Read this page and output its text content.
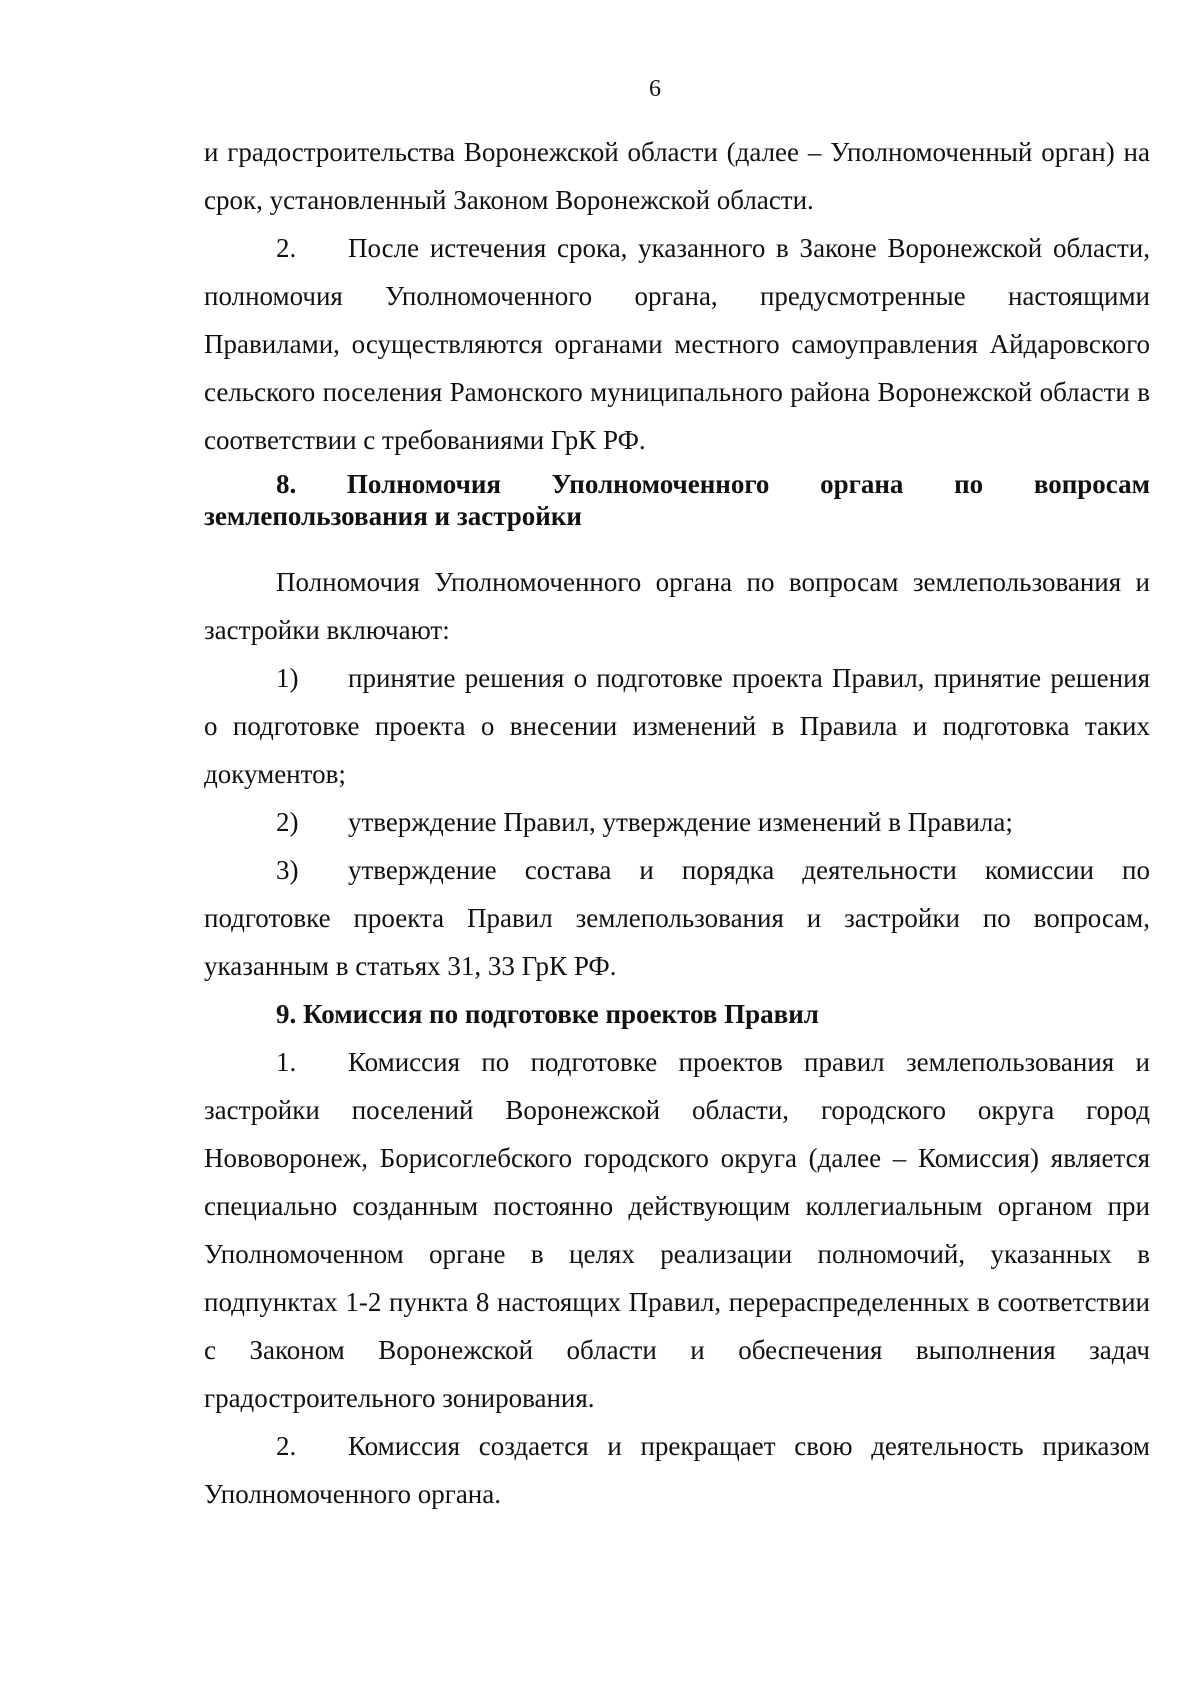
6

и градостроительства Воронежской области (далее – Уполномоченный орган) на срок, установленный Законом Воронежской области.

2. После истечения срока, указанного в Законе Воронежской области, полномочия Уполномоченного органа, предусмотренные настоящими Правилами, осуществляются органами местного самоуправления Айдаровского сельского поселения Рамонского муниципального района Воронежской области в соответствии с требованиями ГрК РФ.

8. Полномочия Уполномоченного органа по вопросам землепользования и застройки

Полномочия Уполномоченного органа по вопросам землепользования и застройки включают:

1) принятие решения о подготовке проекта Правил, принятие решения о подготовке проекта о внесении изменений в Правила и подготовка таких документов;

2) утверждение Правил, утверждение изменений в Правила;

3) утверждение состава и порядка деятельности комиссии по подготовке проекта Правил землепользования и застройки по вопросам, указанным в статьях 31, 33 ГрК РФ.

9. Комиссия по подготовке проектов Правил

1. Комиссия по подготовке проектов правил землепользования и застройки поселений Воронежской области, городского округа город Нововоронеж, Борисоглебского городского округа (далее – Комиссия) является специально созданным постоянно действующим коллегиальным органом при Уполномоченном органе в целях реализации полномочий, указанных в подпунктах 1-2 пункта 8 настоящих Правил, перераспределенных в соответствии с Законом Воронежской области и обеспечения выполнения задач градостроительного зонирования.

2. Комиссия создается и прекращает свою деятельность приказом Уполномоченного органа.
